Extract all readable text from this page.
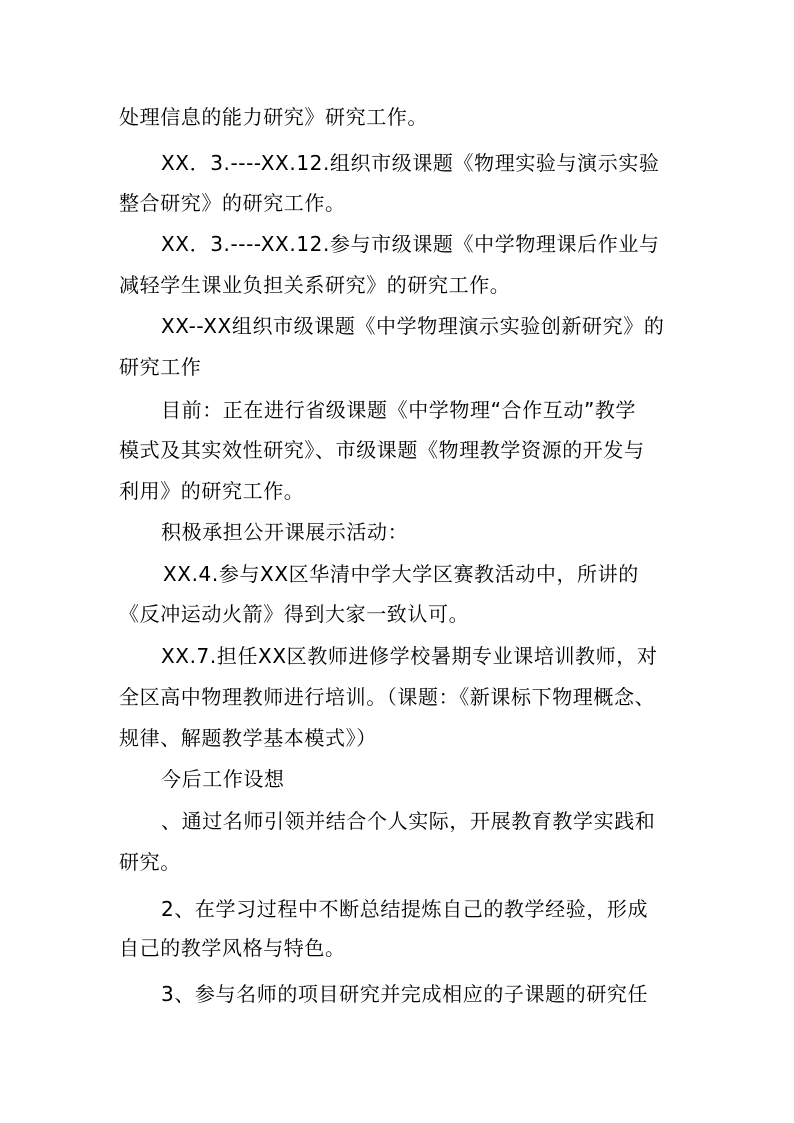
处理信息的能力研究》研究工作。
XX．3.----XX.12.组织市级课题《物理实验与演示实验
整合研究》的研究工作。
XX．3.----XX.12.参与市级课题《中学物理课后作业与
减轻学生课业负担关系研究》的研究工作。
XX--XX组织市级课题《中学物理演示实验创新研究》的
研究工作
目前：正在进行省级课题《中学物理“合作互动”教学
模式及其实效性研究》、市级课题《物理教学资源的开发与
利用》的研究工作。
积极承担公开课展示活动：
XX.4.参与XX区华清中学大学区赛教活动中，所讲的
《反冲运动火箭》得到大家一致认可。
XX.7.担任XX区教师进修学校暑期专业课培训教师，对
全区高中物理教师进行培训。（课题：《新课标下物理概念、
规律、解题教学基本模式》）
今后工作设想
、通过名师引领并结合个人实际，开展教育教学实践和
研究。
2、在学习过程中不断总结提炼自己的教学经验，形成
自己的教学风格与特色。
3、参与名师的项目研究并完成相应的子课题的研究任
